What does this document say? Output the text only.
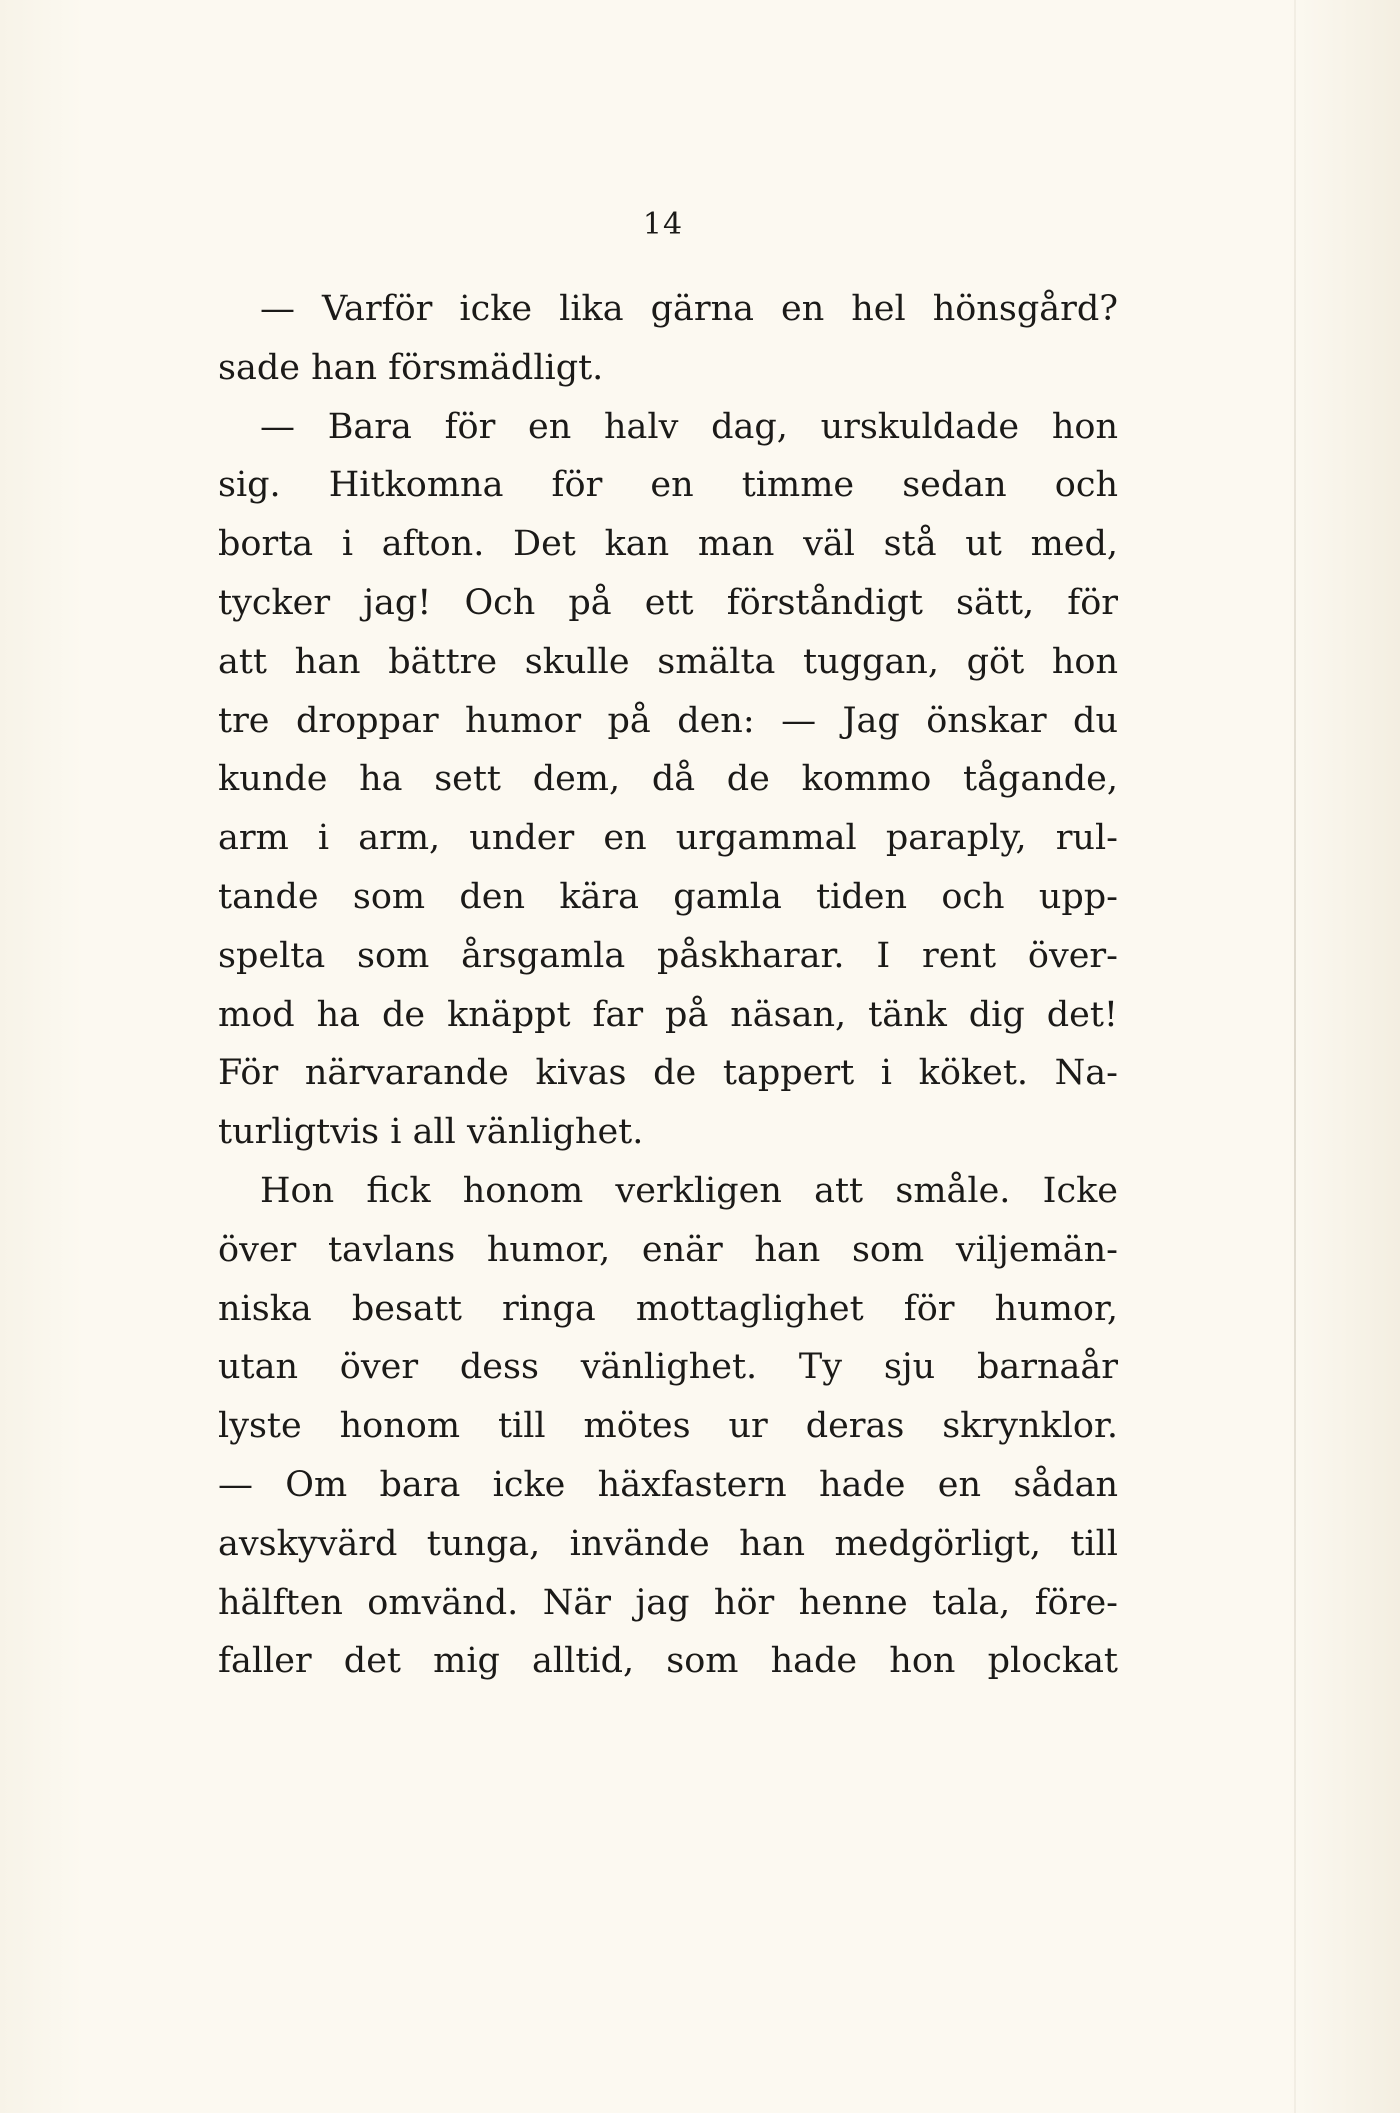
14
— Varför icke lika gärna en hel hönsgård?
sade han försmädligt.
— Bara för en halv dag, urskuldade hon
sig. Hitkomna för en timme sedan och
borta i afton. Det kan man väl stå ut med,
tycker jag! Och på ett förståndigt sätt, för
att han bättre skulle smälta tuggan, göt hon
tre droppar humor på den: — Jag önskar du
kunde ha sett dem, då de kommo tågande,
arm i arm, under en urgammal paraply, rul-
tande som den kära gamla tiden och upp-
spelta som årsgamla påskharar. I rent över-
mod ha de knäppt far på näsan, tänk dig det!
För närvarande kivas de tappert i köket. Na-
turligtvis i all vänlighet.
Hon fick honom verkligen att småle. Icke
över tavlans humor, enär han som viljemän-
niska besatt ringa mottaglighet för humor,
utan över dess vänlighet. Ty sju barnaår
lyste honom till mötes ur deras skrynklor.
— Om bara icke häxfastern hade en sådan
avskyvärd tunga, invände han medgörligt, till
hälften omvänd. När jag hör henne tala, före-
faller det mig alltid, som hade hon plockat
